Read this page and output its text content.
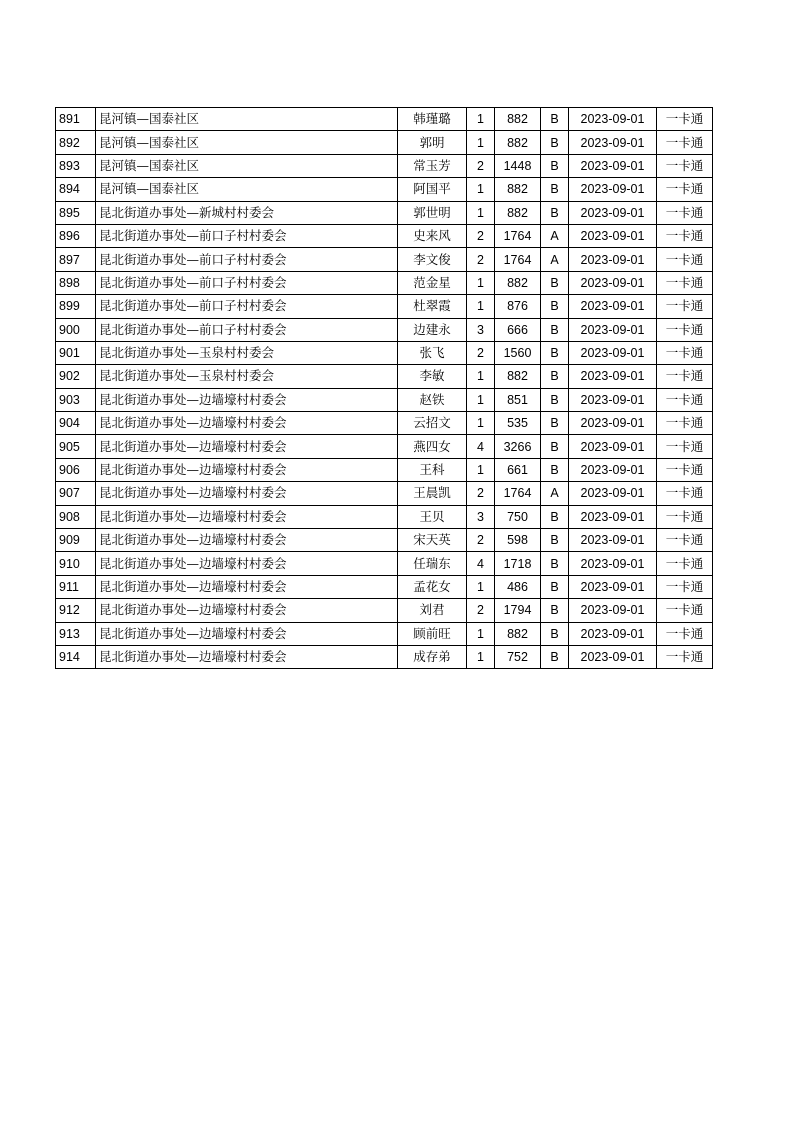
891	昆河镇—国泰社区	韩瑾璐	1	882	B	2023-09-01	一卡通
892	昆河镇—国泰社区	郭明	1	882	B	2023-09-01	一卡通
893	昆河镇—国泰社区	常玉芳	2	1448	B	2023-09-01	一卡通
894	昆河镇—国泰社区	阿国平	1	882	B	2023-09-01	一卡通
895	昆北街道办事处—新城村村委会	郭世明	1	882	B	2023-09-01	一卡通
896	昆北街道办事处—前口子村村委会	史来风	2	1764	A	2023-09-01	一卡通
897	昆北街道办事处—前口子村村委会	李文俊	2	1764	A	2023-09-01	一卡通
898	昆北街道办事处—前口子村村委会	范金星	1	882	B	2023-09-01	一卡通
899	昆北街道办事处—前口子村村委会	杜翠霞	1	876	B	2023-09-01	一卡通
900	昆北街道办事处—前口子村村委会	边建永	3	666	B	2023-09-01	一卡通
901	昆北街道办事处—玉泉村村委会	张飞	2	1560	B	2023-09-01	一卡通
902	昆北街道办事处—玉泉村村委会	李敏	1	882	B	2023-09-01	一卡通
903	昆北街道办事处—边墙壕村村委会	赵铁	1	851	B	2023-09-01	一卡通
904	昆北街道办事处—边墙壕村村委会	云招文	1	535	B	2023-09-01	一卡通
905	昆北街道办事处—边墙壕村村委会	燕四女	4	3266	B	2023-09-01	一卡通
906	昆北街道办事处—边墙壕村村委会	王科	1	661	B	2023-09-01	一卡通
907	昆北街道办事处—边墙壕村村委会	王晨凯	2	1764	A	2023-09-01	一卡通
908	昆北街道办事处—边墙壕村村委会	王贝	3	750	B	2023-09-01	一卡通
909	昆北街道办事处—边墙壕村村委会	宋天英	2	598	B	2023-09-01	一卡通
910	昆北街道办事处—边墙壕村村委会	任瑞东	4	1718	B	2023-09-01	一卡通
911	昆北街道办事处—边墙壕村村委会	孟花女	1	486	B	2023-09-01	一卡通
912	昆北街道办事处—边墙壕村村委会	刘君	2	1794	B	2023-09-01	一卡通
913	昆北街道办事处—边墙壕村村委会	顾前旺	1	882	B	2023-09-01	一卡通
914	昆北街道办事处—边墙壕村村委会	成存弟	1	752	B	2023-09-01	一卡通
